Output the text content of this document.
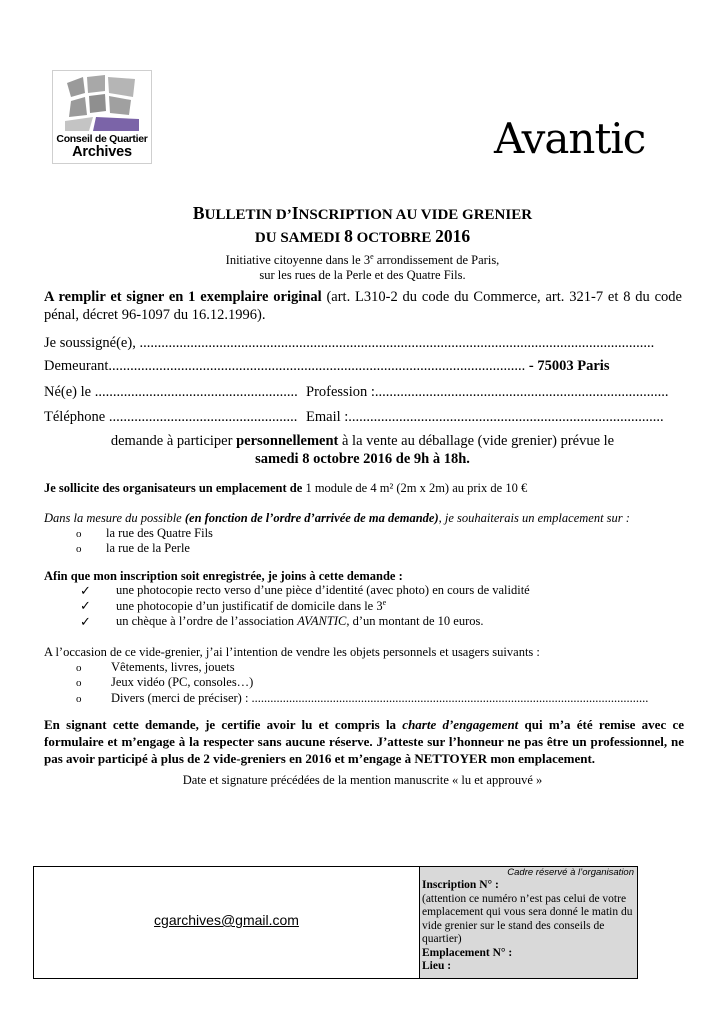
Conseil de Quartier
Archives	Avantic
BULLETIN D’INSCRIPTION AU VIDE GRENIER
DU SAMEDI 8 OCTOBRE 2016
Initiative citoyenne dans le 3e arrondissement de Paris,
sur les rues de la Perle et des Quatre Fils.
A remplir et signer en 1 exemplaire original (art. L310-2 du code du Commerce, art. 321-7 et 8 du code pénal, décret 96-1097 du 16.12.1996).
Je soussigné(e), ..............................................................................................................................................
Demeurant................................................................................................................... - 75003 Paris
Né(e) le ........................................................ Profession :.................................................................................
Téléphone .................................................... Email :.......................................................................................
demande à participer personnellement à la vente au déballage (vide grenier) prévue le
samedi 8 octobre 2016 de 9h à 18h.
Je sollicite des organisateurs un emplacement de 1 module de 4 m² (2m x 2m) au prix de 10 €
Dans la mesure du possible (en fonction de l’ordre d’arrivée de ma demande), je souhaiterais un emplacement sur :
o la rue des Quatre Fils
o la rue de la Perle
Afin que mon inscription soit enregistrée, je joins à cette demande :
✓ une photocopie recto verso d’une pièce d’identité (avec photo) en cours de validité
✓ une photocopie d’un justificatif de domicile dans le 3e
✓ un chèque à l’ordre de l’association AVANTIC, d’un montant de 10 euros.
A l’occasion de ce vide-grenier, j’ai l’intention de vendre les objets personnels et usagers suivants :
o Vêtements, livres, jouets
o Jeux vidéo (PC, consoles…)
o Divers (merci de préciser) : ...............................................................................................................................
En signant cette demande, je certifie avoir lu et compris la charte d’engagement qui m’a été remise avec ce formulaire et m’engage à la respecter sans aucune réserve. J’atteste sur l’honneur ne pas être un professionnel, ne pas avoir participé à plus de 2 vide-greniers en 2016 et m’engage à NETTOYER mon emplacement.
Date et signature précédées de la mention manuscrite « lu et approuvé »
cgarchives@gmail.com
Cadre réservé à l’organisation
Inscription N° :
(attention ce numéro n’est pas celui de votre emplacement qui vous sera donné le matin du vide grenier sur le stand des conseils de quartier)
Emplacement N° :
Lieu :
